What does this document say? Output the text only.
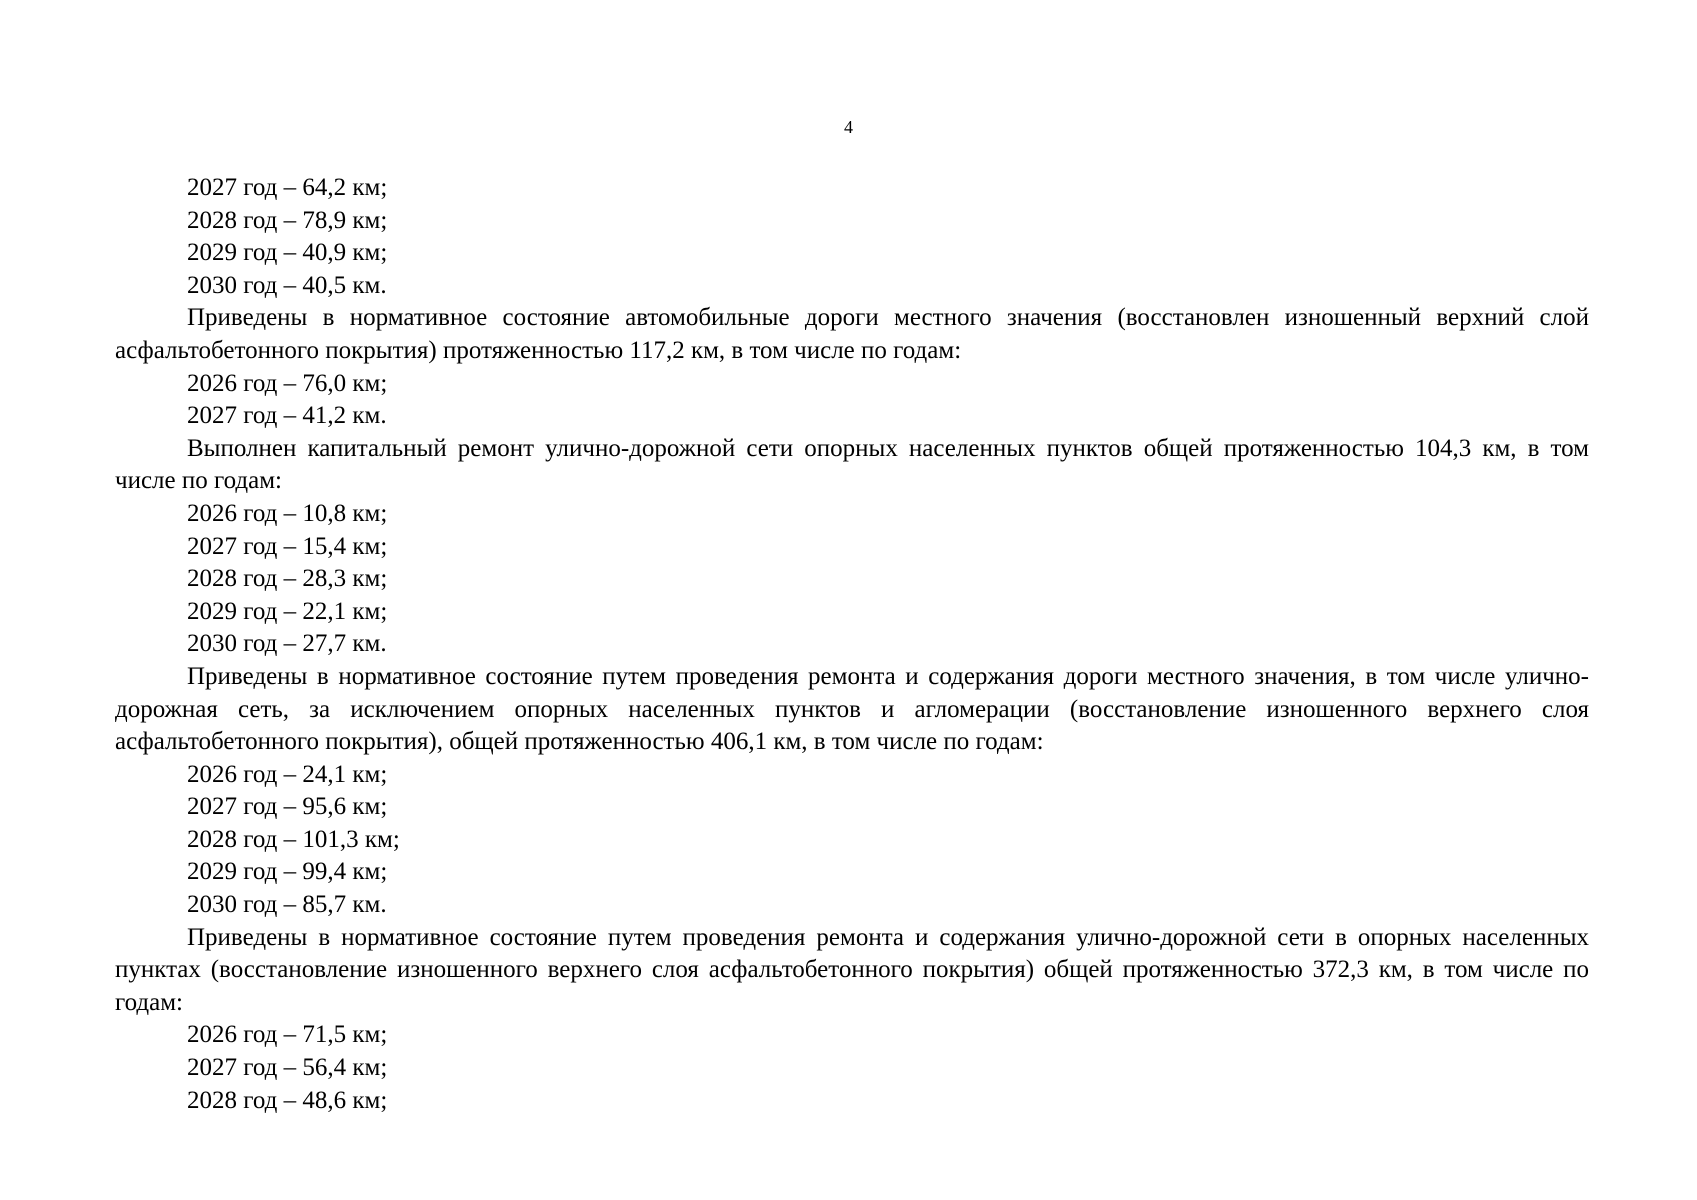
4
2027 год – 64,2 км;
2028 год – 78,9 км;
2029 год – 40,9 км;
2030 год – 40,5 км.
Приведены в нормативное состояние автомобильные дороги местного значения (восстановлен изношенный верхний слой асфальтобетонного покрытия) протяженностью 117,2 км, в том числе по годам:
2026 год – 76,0 км;
2027 год – 41,2 км.
Выполнен капитальный ремонт улично-дорожной сети опорных населенных пунктов общей протяженностью 104,3 км, в том числе по годам:
2026 год – 10,8 км;
2027 год – 15,4 км;
2028 год – 28,3 км;
2029 год – 22,1 км;
2030 год – 27,7 км.
Приведены в нормативное состояние путем проведения ремонта и содержания дороги местного значения, в том числе улично-дорожная сеть, за исключением опорных населенных пунктов и агломерации (восстановление изношенного верхнего слоя асфальтобетонного покрытия), общей протяженностью 406,1 км, в том числе по годам:
2026 год – 24,1 км;
2027 год – 95,6 км;
2028 год – 101,3 км;
2029 год – 99,4 км;
2030 год – 85,7 км.
Приведены в нормативное состояние путем проведения ремонта и содержания улично-дорожной сети в опорных населенных пунктах (восстановление изношенного верхнего слоя асфальтобетонного покрытия) общей протяженностью 372,3 км, в том числе по годам:
2026 год – 71,5 км;
2027 год – 56,4 км;
2028 год – 48,6 км;
